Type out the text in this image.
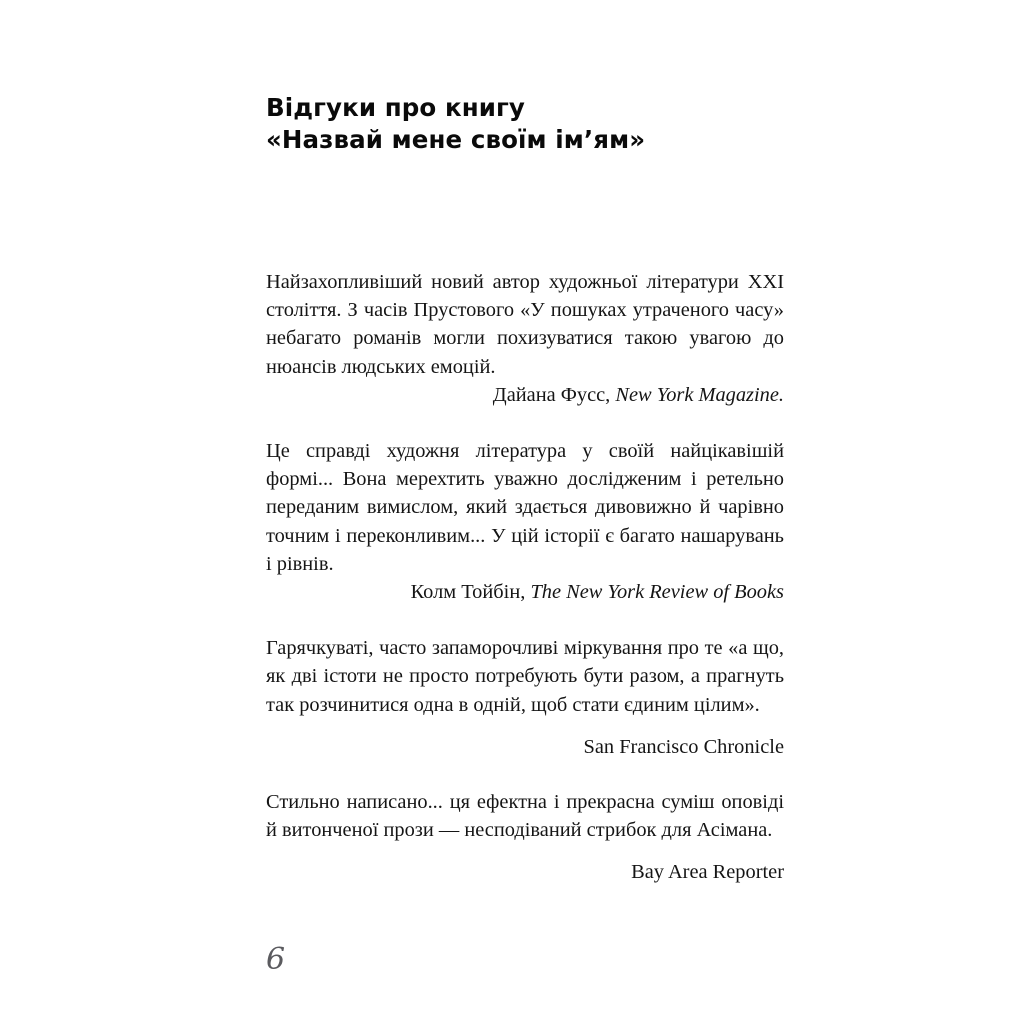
Відгуки про книгу
«Назвай мене своїм ім’ям»

Найзахопливіший новий автор художньої літератури XXI століття. З часів Прустового «У пошуках утраченого часу» небагато романів могли похизуватися такою увагою до нюансів людських емоцій.

Дайана Фусс, New York Magazine.

Це справді художня література у своїй найцікавішій формі... Вона мерехтить уважно дослідженим і ретельно переданим вимислом, який здається дивовижно й чарівно точним і переконливим... У цій історії є багато нашарувань і рівнів.

Колм Тойбін, The New York Review of Books

Гарячкуваті, часто запаморочливі міркування про те «а що, як дві істоти не просто потребують бути разом, а прагнуть так розчинитися одна в одній, щоб стати єдиним цілим».

San Francisco Chronicle

Стильно написано... ця ефектна і прекрасна суміш оповіді й витонченої прози — несподіваний стрибок для Асімана.

Bay Area Reporter

6
